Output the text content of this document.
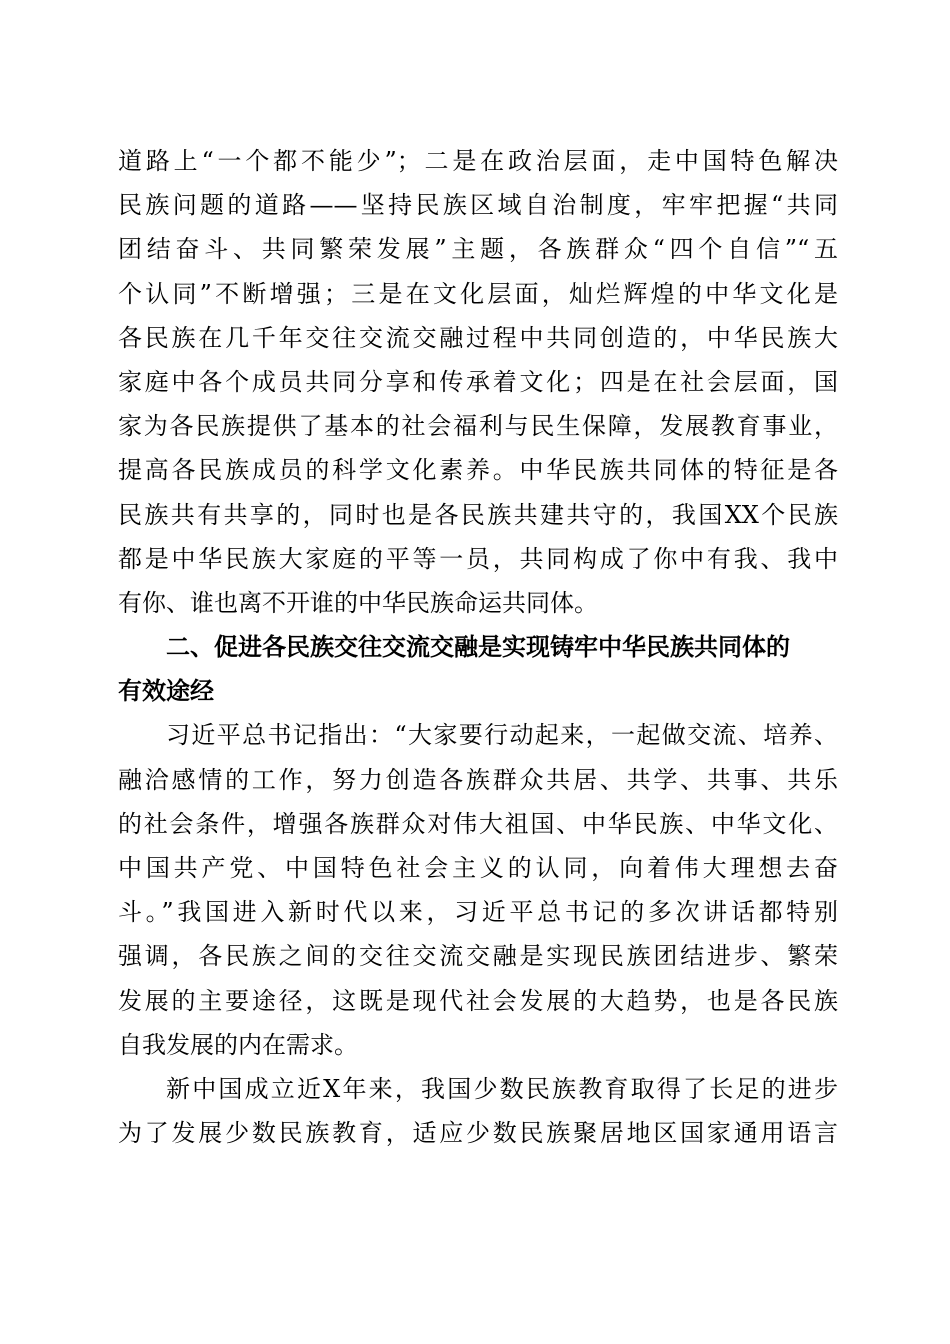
道路上“一个都不能少”；二是在政治层面，走中国特色解决
民族问题的道路——坚持民族区域自治制度，牢牢把握“共同
团结奋斗、共同繁荣发展”主题，各族群众“四个自信”“五
个认同”不断增强；三是在文化层面，灿烂辉煌的中华文化是
各民族在几千年交往交流交融过程中共同创造的，中华民族大
家庭中各个成员共同分享和传承着文化；四是在社会层面，国
家为各民族提供了基本的社会福利与民生保障，发展教育事业，
提高各民族成员的科学文化素养。中华民族共同体的特征是各
民族共有共享的，同时也是各民族共建共守的，我国XX个民族
都是中华民族大家庭的平等一员，共同构成了你中有我、我中
有你、谁也离不开谁的中华民族命运共同体。
二、促进各民族交往交流交融是实现铸牢中华民族共同体的
有效途经
习近平总书记指出：“大家要行动起来，一起做交流、培养、
融洽感情的工作，努力创造各族群众共居、共学、共事、共乐
的社会条件，增强各族群众对伟大祖国、中华民族、中华文化、
中国共产党、中国特色社会主义的认同，向着伟大理想去奋
斗。”我国进入新时代以来，习近平总书记的多次讲话都特别
强调，各民族之间的交往交流交融是实现民族团结进步、繁荣
发展的主要途径，这既是现代社会发展的大趋势，也是各民族
自我发展的内在需求。
新中国成立近X年来，我国少数民族教育取得了长足的进步
为了发展少数民族教育，适应少数民族聚居地区国家通用语言
